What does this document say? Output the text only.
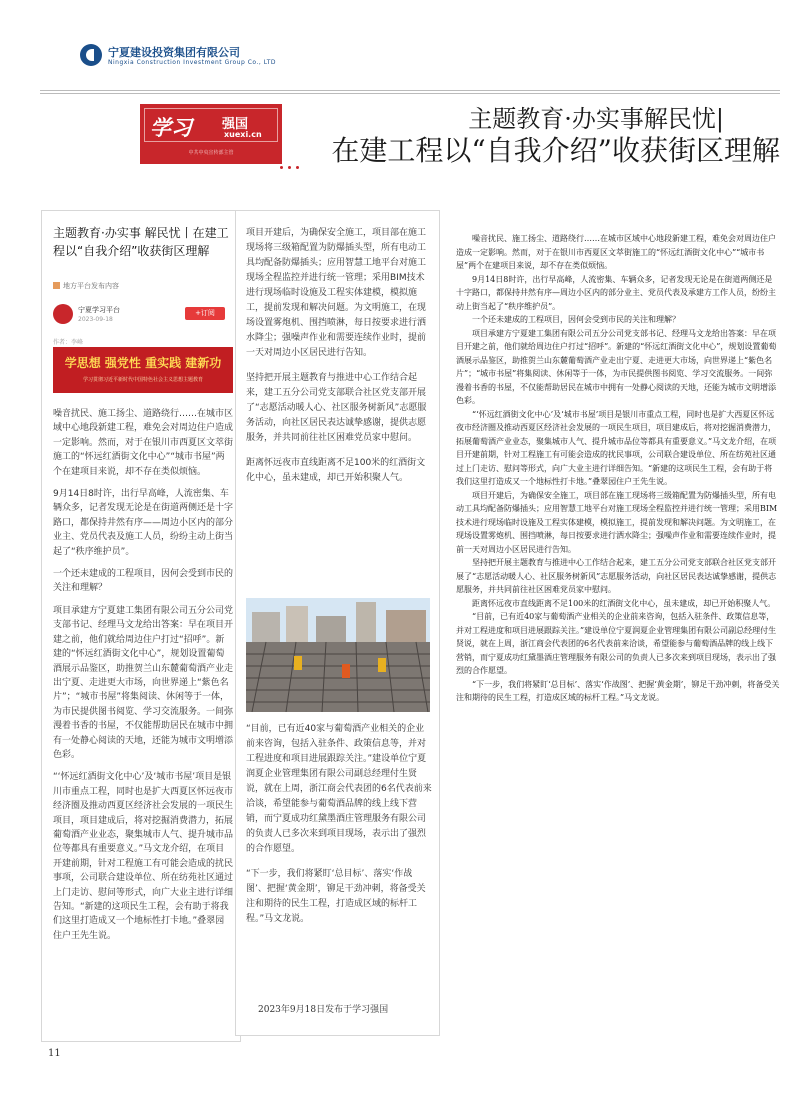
宁夏建设投资集团有限公司
Ningxia Construction Investment Group Co., LTD
学习 强国
xuexi.cn
中共中央宣传部主管
主题教育·办实事解民忧|
在建工程以“自我介绍”收获街区理解
主题教育·办实事 解民忧丨在建工程以“自我介绍”收获街区理解
地方平台发布内容
宁夏学习平台
2023-09-18
+订阅
作者：李峰
学思想 强党性 重实践 建新功
学习贯彻习近平新时代中国特色社会主义思想主题教育

噪音扰民、施工扬尘、道路绕行……在城市区域中心地段新建工程，难免会对周边住户造成一定影响。然而，对于在银川市西夏区文萃街施工的“怀远红酒街文化中心”“城市书屋”两个在建项目来说，却不存在类似烦恼。

9月14日8时许，出行早高峰，人流密集、车辆众多，记者发现无论是在街道两侧还是十字路口，都保持井然有序——周边小区内的部分业主、党员代表及施工人员，纷纷主动上街当起了“秩序维护员”。

一个还未建成的工程项目，因何会受到市民的关注和理解？

项目承建方宁夏建工集团有限公司五分公司党支部书记、经理马文龙给出答案：早在项目开建之前，他们就给周边住户打过“招呼”。新建的“怀远红酒街文化中心”，规划设置葡萄酒展示品鉴区，助推贺兰山东麓葡萄酒产业走出宁夏、走进更大市场，向世界递上“紫色名片”；“城市书屋”将集阅读、休闲等于一体，为市民提供图书阅览、学习交流服务。一间弥漫着书香的书屋，不仅能帮助居民在城市中拥有一处静心阅读的天地，还能为城市文明增添色彩。

“‘怀远红酒街文化中心’及‘城市书屋’项目是银川市重点工程，同时也是扩大西夏区怀远夜市经济圈及推动西夏区经济社会发展的一项民生项目，项目建成后，将对挖掘消费潜力，拓展葡萄酒产业业态，聚集城市人气、提升城市品位等都具有重要意义。”马文龙介绍，在项目开建前期，针对工程施工有可能会造成的扰民事项，公司联合建设单位、所在纺苑社区通过上门走访、慰问等形式，向广大业主进行详细告知。“新建的这项民生工程，会有助于将我们这里打造成又一个地标性打卡地。”叠翠园住户王先生说。

项目开建后，为确保安全施工，项目部在施工现场将三级箱配置为防爆插头型，所有电动工具均配备防爆插头；应用智慧工地平台对施工现场全程监控并进行统一管理；采用BIM技术进行现场临时设施及工程实体建模，模拟施工，提前发现和解决问题。为文明施工，在现场设置雾炮机、围挡喷淋，每日按要求进行洒水降尘；强噪声作业和需要连续作业时，提前一天对周边小区居民进行告知。

坚持把开展主题教育与推进中心工作结合起来，建工五分公司党支部联合社区党支部开展了“志愿活动暖人心、社区服务树新风”志愿服务活动，向社区居民表达诚挚感谢，提供志愿服务，并共同前往社区困难党员家中慰问。

距离怀远夜市直线距离不足100米的红酒街文化中心，虽未建成，却已开始积聚人气。

“目前，已有近40家与葡萄酒产业相关的企业前来咨询，包括入驻条件、政策信息等，并对工程进度和项目进展跟踪关注。”建设单位宁夏润夏企业管理集团有限公司副总经理付生贤说，就在上周，浙江商会代表团的6名代表前来洽谈，希望能参与葡萄酒品牌的线上线下营销，而宁夏成功红黛墨酒庄管理服务有限公司的负责人已多次来到项目现场，表示出了强烈的合作愿望。

“下一步，我们将紧盯‘总目标’、落实‘作战图’、把握‘黄金期’，铆足干劲冲刺，将备受关注和期待的民生工程，打造成区域的标杆工程。”马文龙说。

2023年9月18日发布于学习强国

噪音扰民、施工扬尘、道路绕行……在城市区域中心地段新建工程，难免会对周边住户造成一定影响。然而，对于在银川市西夏区文萃街施工的“怀远红酒街文化中心”“城市书屋”两个在建项目来说，却不存在类似烦恼。

9月14日8时许，出行早高峰，人流密集、车辆众多，记者发现无论是在街道两侧还是十字路口，都保持井然有序—周边小区内的部分业主、党员代表及承建方工作人员，纷纷主动上街当起了“秩序维护员”。

一个还未建成的工程项目，因何会受到市民的关注和理解？

项目承建方宁夏建工集团有限公司五分公司党支部书记、经理马文龙给出答案：早在项目开建之前，他们就给周边住户打过“招呼”。新建的“怀远红酒街文化中心”，规划设置葡萄酒展示品鉴区，助推贺兰山东麓葡萄酒产业走出宁夏、走进更大市场，向世界递上“紫色名片”；“城市书屋”将集阅读、休闲等于一体，为市民提供图书阅览、学习交流服务。一间弥漫着书香的书屋，不仅能帮助居民在城市中拥有一处静心阅读的天地，还能为城市文明增添色彩。

“‘怀远红酒街文化中心’及‘城市书屋’项目是银川市重点工程，同时也是扩大西夏区怀远夜市经济圈及推动西夏区经济社会发展的一项民生项目，项目建成后，将对挖掘消费潜力，拓展葡萄酒产业业态，聚集城市人气、提升城市品位等都具有重要意义。”马文龙介绍，在项目开建前期，针对工程施工有可能会造成的扰民事项，公司联合建设单位、所在纺苑社区通过上门走访、慰问等形式，向广大业主进行详细告知。“新建的这项民生工程，会有助于将我们这里打造成又一个地标性打卡地。”叠翠园住户王先生说。

项目开建后，为确保安全施工，项目部在施工现场将三级箱配置为防爆插头型，所有电动工具均配备防爆插头；应用智慧工地平台对施工现场全程监控并进行统一管理；采用BIM技术进行现场临时设施及工程实体建模，模拟施工，提前发现和解决问题。为文明施工，在现场设置雾炮机、围挡喷淋，每日按要求进行洒水降尘；强噪声作业和需要连续作业时，提前一天对周边小区居民进行告知。

坚持把开展主题教育与推进中心工作结合起来，建工五分公司党支部联合社区党支部开展了“志愿活动暖人心、社区服务树新风”志愿服务活动，向社区居民表达诚挚感谢，提供志愿服务，并共同前往社区困难党员家中慰问。

距离怀远夜市直线距离不足100米的红酒街文化中心，虽未建成，却已开始积聚人气。

“目前，已有近40家与葡萄酒产业相关的企业前来咨询，包括入驻条件、政策信息等，并对工程进度和项目进展跟踪关注。”建设单位宁夏润夏企业管理集团有限公司副总经理付生贤说，就在上周，浙江商会代表团的6名代表前来洽谈，希望能参与葡萄酒品牌的线上线下营销，而宁夏成功红黛墨酒庄管理服务有限公司的负责人已多次来到项目现场，表示出了强烈的合作愿望。

“下一步，我们将紧盯‘总目标’、落实‘作战图’、把握‘黄金期’，铆足干劲冲刺，将备受关注和期待的民生工程，打造成区域的标杆工程。”马文龙说。

11
